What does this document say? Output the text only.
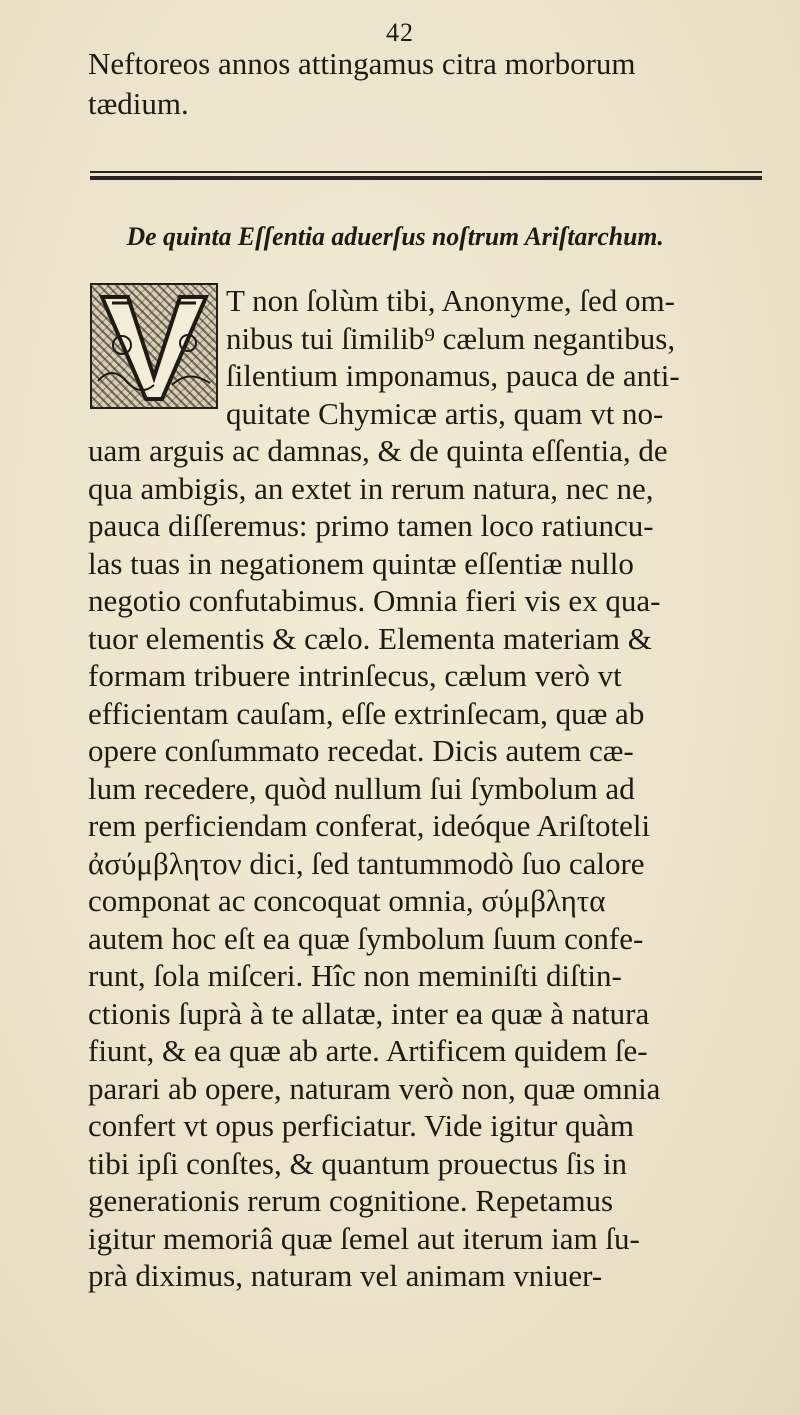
42
Neftoreos annos attingamus citra morborum
tædium.
De quinta Eſſentia aduerſus noſtrum Ariſtarchum.
T non ſolùm tibi, Anonyme, ſed om-
nibus tui ſimilib⁹ cælum negantibus,
ſilentium imponamus, pauca de anti-
quitate Chymicæ artis, quam vt no-
uam arguis ac damnas, & de quinta eſſentia, de
qua ambigis, an extet in rerum natura, nec ne,
pauca diſſeremus: primo tamen loco ratiuncu-
las tuas in negationem quintæ eſſentiæ nullo
negotio confutabimus. Omnia fieri vis ex qua-
tuor elementis & cælo. Elementa materiam &
formam tribuere intrinſecus, cælum verò vt
efficientam cauſam, eſſe extrinſecam, quæ ab
opere conſummato recedat. Dicis autem cæ-
lum recedere, quòd nullum ſui ſymbolum ad
rem perficiendam conferat, ideóque Ariſtoteli
ἀσύμβλητον dici, ſed tantummodò ſuo calore
componat ac concoquat omnia, σύμβλητα
autem hoc eſt ea quæ ſymbolum ſuum confe-
runt, ſola miſceri. Hîc non meminiſti diſtin-
ctionis ſuprà à te allatæ, inter ea quæ à natura
fiunt, & ea quæ ab arte. Artificem quidem ſe-
parari ab opere, naturam verò non, quæ omnia
confert vt opus perficiatur. Vide igitur quàm
tibi ipſi conſtes, & quantum prouectus ſis in
generationis rerum cognitione. Repetamus
igitur memoriâ quæ ſemel aut iterum iam ſu-
prà diximus, naturam vel animam vniuer-
